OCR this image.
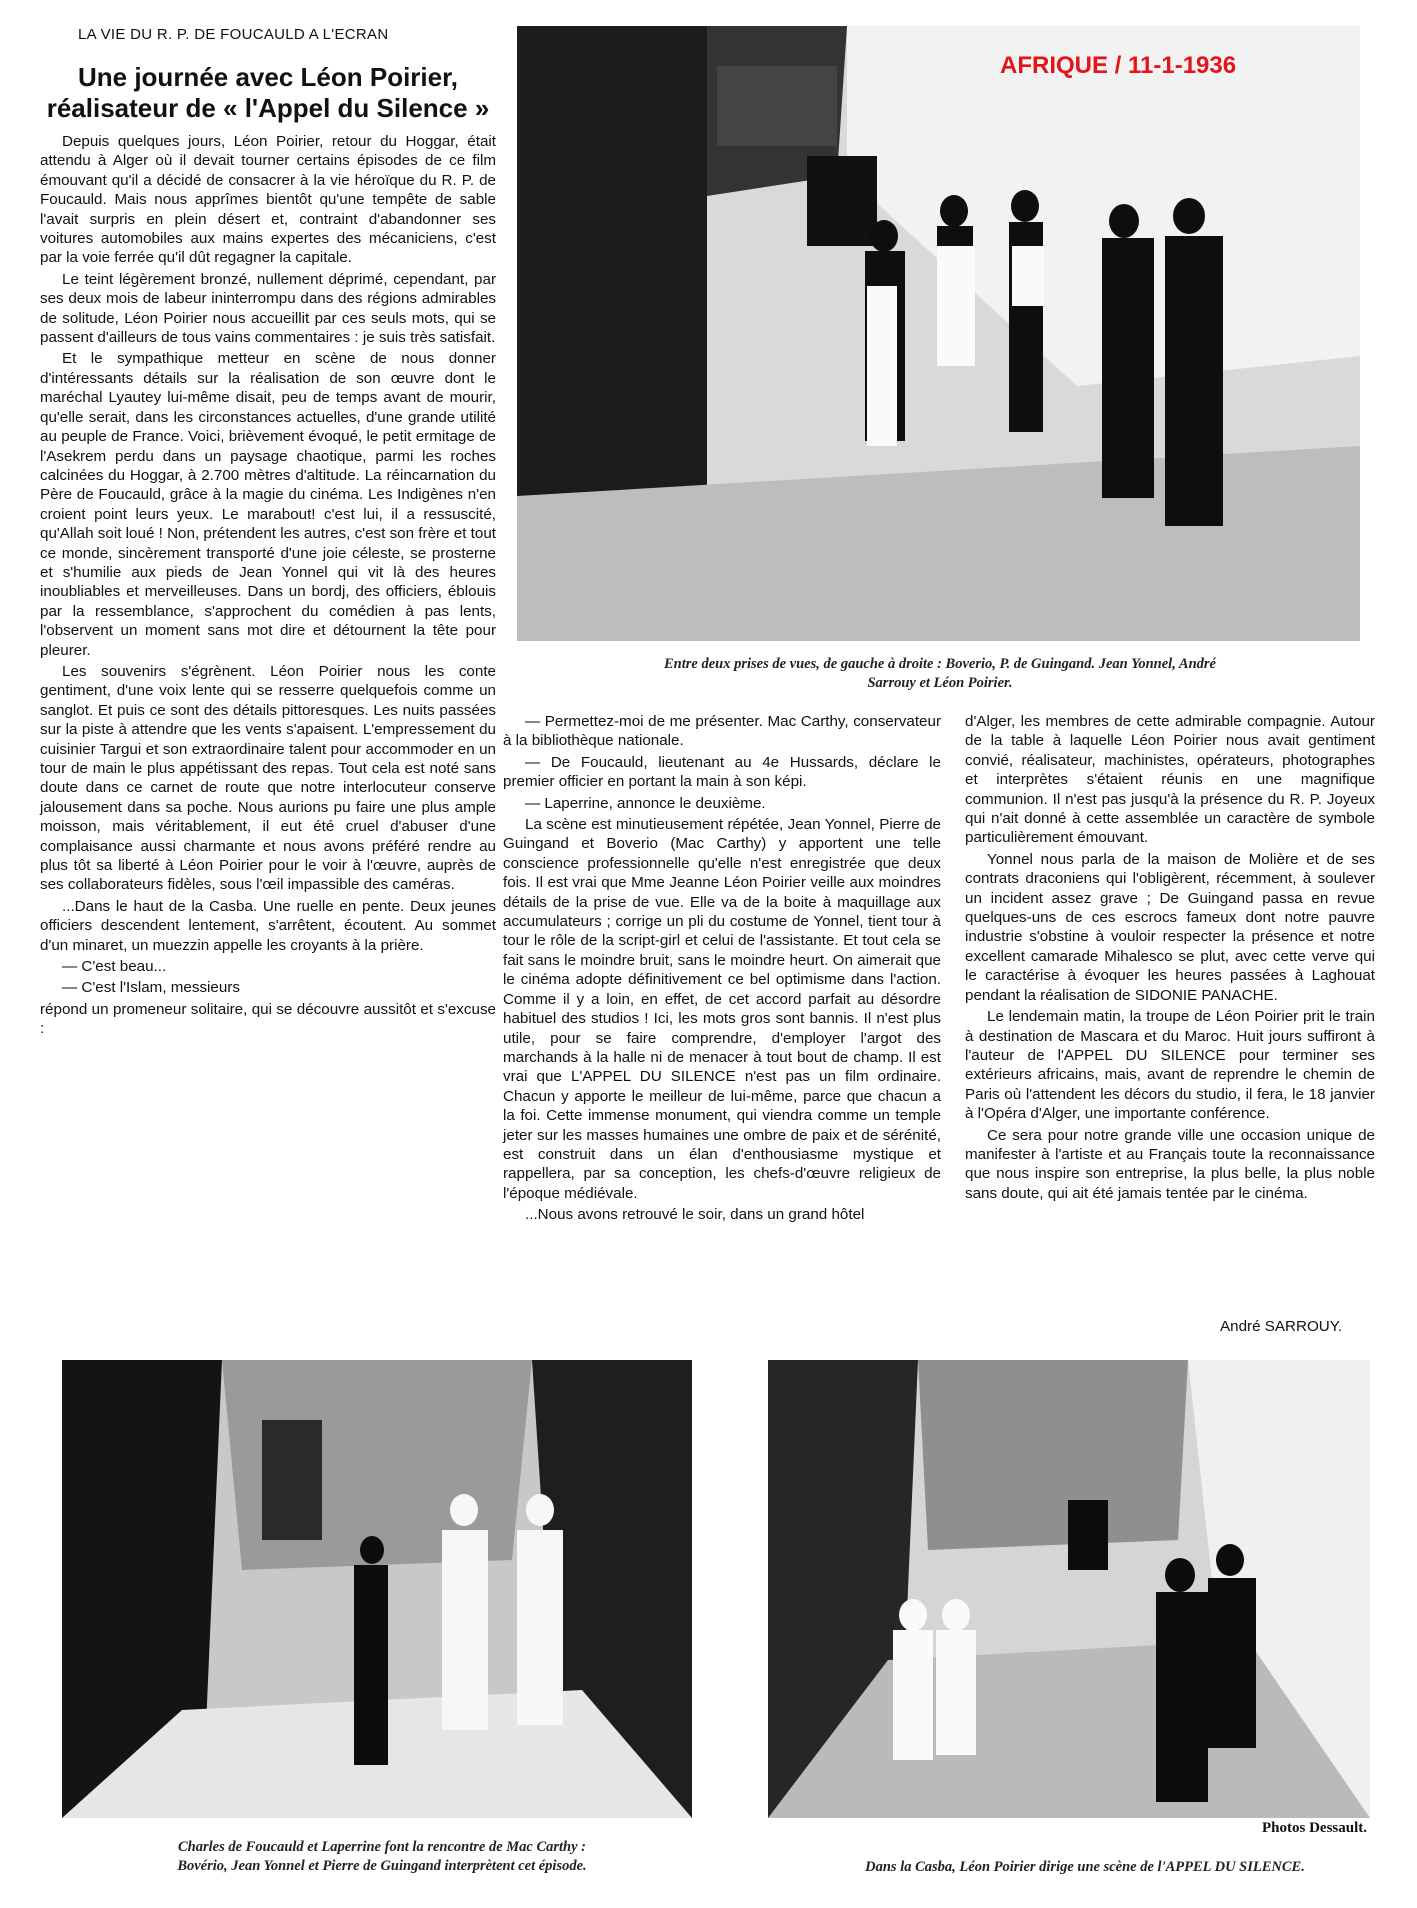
LA VIE DU R. P. DE FOUCAULD A L'ECRAN
Une journée avec Léon Poirier,
réalisateur de « l'Appel du Silence »
AFRIQUE / 11-1-1936
Entre deux prises de vues, de gauche à droite : Boverio, P. de Guingand. Jean Yonnel, André
Sarrouy et Léon Poirier.

Depuis quelques jours, Léon Poirier, retour du Hoggar, était attendu à Alger où il devait tourner certains épisodes de ce film émouvant qu'il a décidé de consacrer à la vie héroïque du R. P. de Foucauld. Mais nous apprîmes bientôt qu'une tempête de sable l'avait surpris en plein désert et, contraint d'abandonner ses voitures automobiles aux mains expertes des mécaniciens, c'est par la voie ferrée qu'il dût regagner la capitale.

Le teint légèrement bronzé, nullement déprimé, cependant, par ses deux mois de labeur ininterrompu dans des régions admirables de solitude, Léon Poirier nous accueillit par ces seuls mots, qui se passent d'ailleurs de tous vains commentaires : je suis très satisfait.

Et le sympathique metteur en scène de nous donner d'intéressants détails sur la réalisation de son œuvre dont le maréchal Lyautey lui-même disait, peu de temps avant de mourir, qu'elle serait, dans les circonstances actuelles, d'une grande utilité au peuple de France. Voici, brièvement évoqué, le petit ermitage de l'Asekrem perdu dans un paysage chaotique, parmi les roches calcinées du Hoggar, à 2.700 mètres d'altitude. La réincarnation du Père de Foucauld, grâce à la magie du cinéma. Les Indigènes n'en croient point leurs yeux. Le marabout! c'est lui, il a ressuscité, qu'Allah soit loué ! Non, prétendent les autres, c'est son frère et tout ce monde, sincèrement transporté d'une joie céleste, se prosterne et s'humilie aux pieds de Jean Yonnel qui vit là des heures inoubliables et merveilleuses. Dans un bordj, des officiers, éblouis par la ressemblance, s'approchent du comédien à pas lents, l'observent un moment sans mot dire et détournent la tête pour pleurer.

Les souvenirs s'égrènent. Léon Poirier nous les conte gentiment, d'une voix lente qui se resserre quelquefois comme un sanglot. Et puis ce sont des détails pittoresques. Les nuits passées sur la piste à attendre que les vents s'apaisent. L'empressement du cuisinier Targui et son extraordinaire talent pour accommoder en un tour de main le plus appétissant des repas. Tout cela est noté sans doute dans ce carnet de route que notre interlocuteur conserve jalousement dans sa poche. Nous aurions pu faire une plus ample moisson, mais véritablement, il eut été cruel d'abuser d'une complaisance aussi charmante et nous avons préféré rendre au plus tôt sa liberté à Léon Poirier pour le voir à l'œuvre, auprès de ses collaborateurs fidèles, sous l'œil impassible des caméras.

...Dans le haut de la Casba. Une ruelle en pente. Deux jeunes officiers descendent lentement, s'arrêtent, écoutent. Au sommet d'un minaret, un muezzin appelle les croyants à la prière.

— C'est beau...

— C'est l'Islam, messieurs

répond un promeneur solitaire, qui se découvre aussitôt et s'excuse :

— Permettez-moi de me présenter. Mac Carthy, conservateur à la bibliothèque nationale.

— De Foucauld, lieutenant au 4e Hussards, déclare le premier officier en portant la main à son képi.

— Laperrine, annonce le deuxième.

La scène est minutieusement répétée, Jean Yonnel, Pierre de Guingand et Boverio (Mac Carthy) y apportent une telle conscience professionnelle qu'elle n'est enregistrée que deux fois. Il est vrai que Mme Jeanne Léon Poirier veille aux moindres détails de la prise de vue. Elle va de la boite à maquillage aux accumulateurs ; corrige un pli du costume de Yonnel, tient tour à tour le rôle de la script-girl et celui de l'assistante. Et tout cela se fait sans le moindre bruit, sans le moindre heurt. On aimerait que le cinéma adopte définitivement ce bel optimisme dans l'action. Comme il y a loin, en effet, de cet accord parfait au désordre habituel des studios ! Ici, les mots gros sont bannis. Il n'est plus utile, pour se faire comprendre, d'employer l'argot des marchands à la halle ni de menacer à tout bout de champ. Il est vrai que L'APPEL DU SILENCE n'est pas un film ordinaire. Chacun y apporte le meilleur de lui-même, parce que chacun a la foi. Cette immense monument, qui viendra comme un temple jeter sur les masses humaines une ombre de paix et de sérénité, est construit dans un élan d'enthousiasme mystique et rappellera, par sa conception, les chefs-d'œuvre religieux de l'époque médiévale.

...Nous avons retrouvé le soir, dans un grand hôtel

d'Alger, les membres de cette admirable compagnie. Autour de la table à laquelle Léon Poirier nous avait gentiment convié, réalisateur, machinistes, opérateurs, photographes et interprètes s'étaient réunis en une magnifique communion. Il n'est pas jusqu'à la présence du R. P. Joyeux qui n'ait donné à cette assemblée un caractère de symbole particulièrement émouvant.

Yonnel nous parla de la maison de Molière et de ses contrats draconiens qui l'obligèrent, récemment, à soulever un incident assez grave ; De Guingand passa en revue quelques-uns de ces escrocs fameux dont notre pauvre industrie s'obstine à vouloir respecter la présence et notre excellent camarade Mihalesco se plut, avec cette verve qui le caractérise à évoquer les heures passées à Laghouat pendant la réalisation de SIDONIE PANACHE.

Le lendemain matin, la troupe de Léon Poirier prit le train à destination de Mascara et du Maroc. Huit jours suffiront à l'auteur de l'APPEL DU SILENCE pour terminer ses extérieurs africains, mais, avant de reprendre le chemin de Paris où l'attendent les décors du studio, il fera, le 18 janvier à l'Opéra d'Alger, une importante conférence.

Ce sera pour notre grande ville une occasion unique de manifester à l'artiste et au Français toute la reconnaissance que nous inspire son entreprise, la plus belle, la plus noble sans doute, qui ait été jamais tentée par le cinéma.

André SARROUY.
Charles de Foucauld et Laperrine font la rencontre de Mac Carthy :
Bovério, Jean Yonnel et Pierre de Guingand interprètent cet épisode.
Photos Dessault.
Dans la Casba, Léon Poirier dirige une scène de l'APPEL DU SILENCE.
